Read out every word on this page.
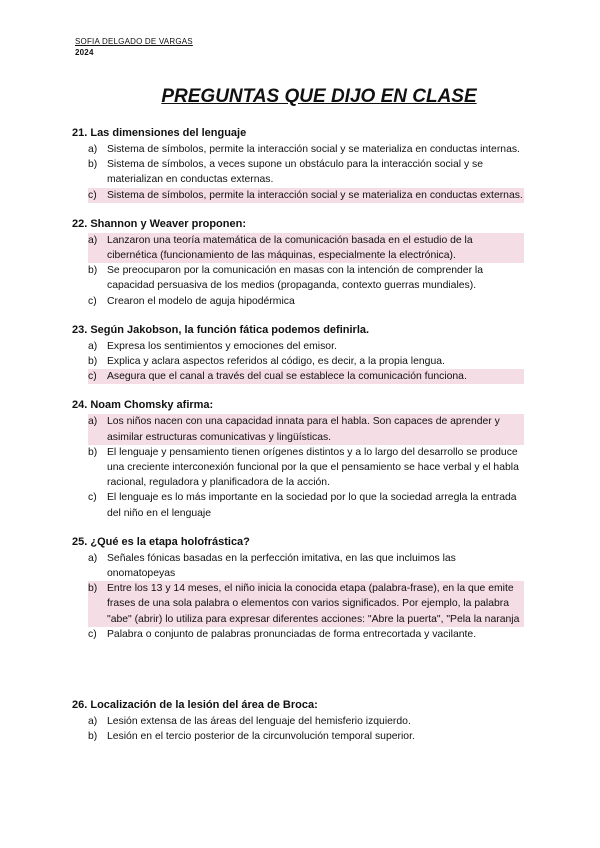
SOFIA DELGADO DE VARGAS
2024
PREGUNTAS QUE DIJO EN CLASE
21. Las dimensiones del lenguaje
a) Sistema de símbolos, permite la interacción social y se materializa en conductas internas.
b) Sistema de símbolos, a veces supone un obstáculo para la interacción social y se materializan en conductas externas.
c) Sistema de símbolos, permite la interacción social y se materializa en conductas externas.
22. Shannon y Weaver proponen:
a) Lanzaron una teoría matemática de la comunicación basada en el estudio de la cibernética (funcionamiento de las máquinas, especialmente la electrónica).
b) Se preocuparon por la comunicación en masas con la intención de comprender la capacidad persuasiva de los medios (propaganda, contexto guerras mundiales).
c) Crearon el modelo de aguja hipodérmica
23. Según Jakobson, la función fática podemos definirla.
a) Expresa los sentimientos y emociones del emisor.
b) Explica y aclara aspectos referidos al código, es decir, a la propia lengua.
c) Asegura que el canal a través del cual se establece la comunicación funciona.
24. Noam Chomsky afirma:
a) Los niños nacen con una capacidad innata para el habla. Son capaces de aprender y asimilar estructuras comunicativas y lingüísticas.
b) El lenguaje y pensamiento tienen orígenes distintos y a lo largo del desarrollo se produce una creciente interconexión funcional por la que el pensamiento se hace verbal y el habla racional, reguladora y planificadora de la acción.
c) El lenguaje es lo más importante en la sociedad por lo que la sociedad arregla la entrada del niño en el lenguaje
25. ¿Qué es la etapa holofrástica?
a) Señales fónicas basadas en la perfección imitativa, en las que incluimos las onomatopeyas
b) Entre los 13 y 14 meses, el niño inicia la conocida etapa (palabra-frase), en la que emite frases de una sola palabra o elementos con varios significados. Por ejemplo, la palabra "abe" (abrir) lo utiliza para expresar diferentes acciones: "Abre la puerta", "Pela la naranja
c) Palabra o conjunto de palabras pronunciadas de forma entrecortada y vacilante.
26. Localización de la lesión del área de Broca:
a) Lesión extensa de las áreas del lenguaje del hemisferio izquierdo.
b) Lesión en el tercio posterior de la circunvolución temporal superior.
